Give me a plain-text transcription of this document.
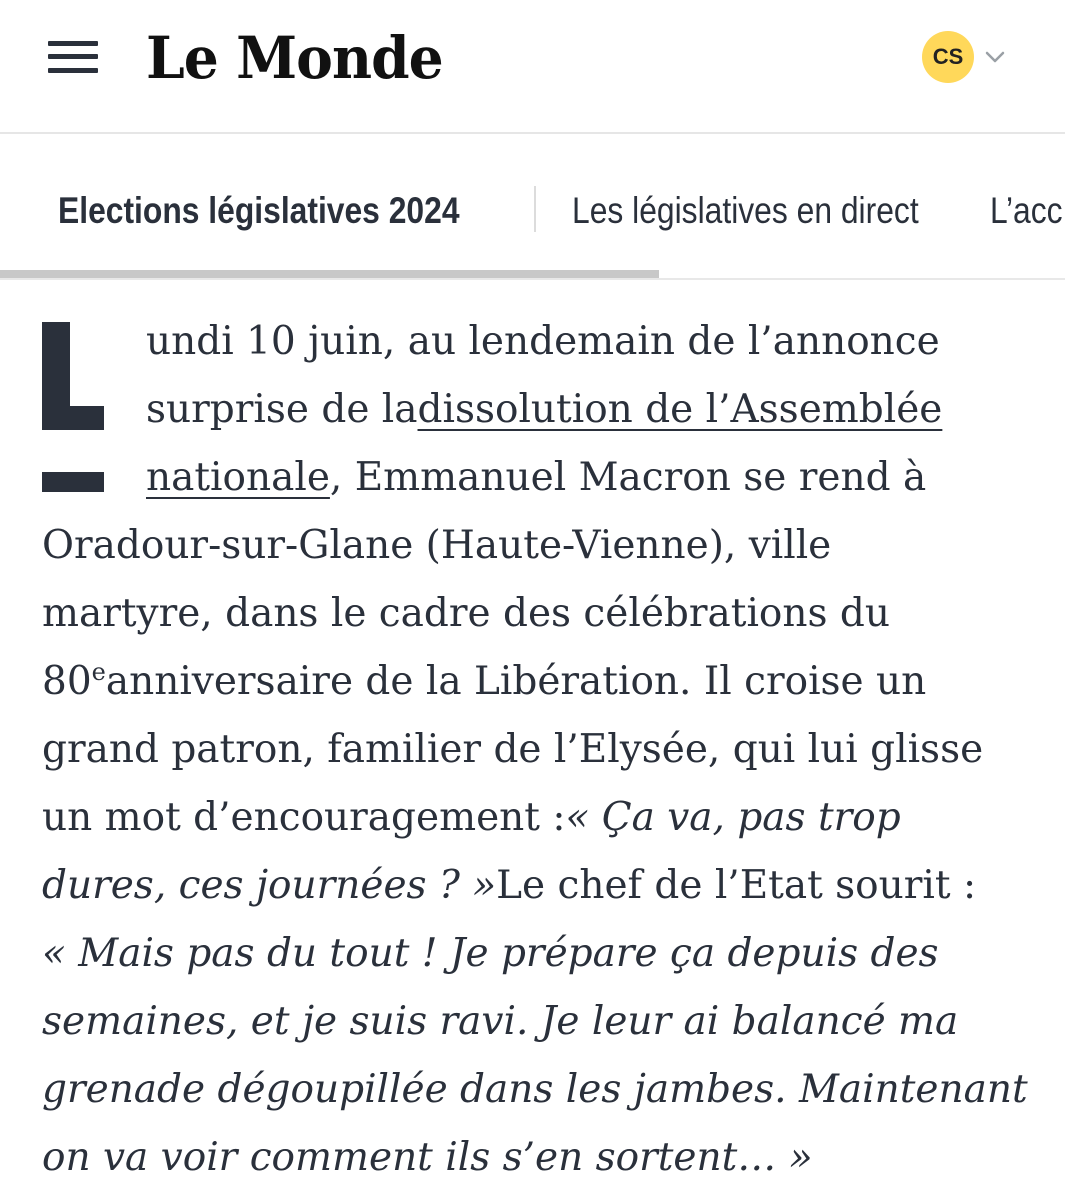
Le Monde	CS
Elections législatives 2024	Les législatives en direct L’acc
undi 10 juin, au lendemain de l’annonce
surprise de ladissolution de l’Assemblée
nationale, Emmanuel Macron se rend à
Oradour-sur-Glane (Haute-Vienne), ville
martyre, dans le cadre des célébrations du
80eanniversaire de la Libération. Il croise un
grand patron, familier de l’Elysée, qui lui glisse
un mot d’encouragement :« Ça va, pas trop
dures, ces journées ? »Le chef de l’Etat sourit :
« Mais pas du tout ! Je prépare ça depuis des
semaines, et je suis ravi. Je leur ai balancé ma
grenade dégoupillée dans les jambes. Maintenant
on va voir comment ils s’en sortent… »
